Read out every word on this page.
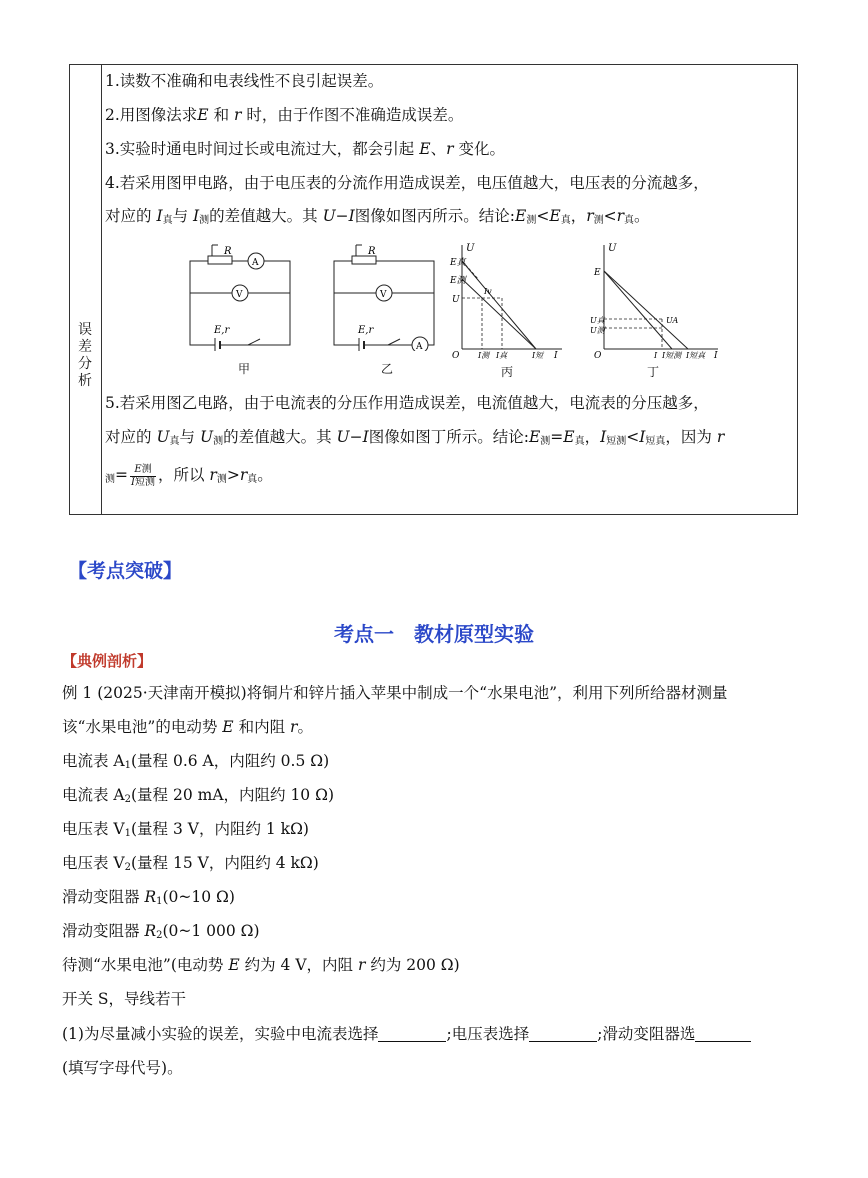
误
差
分
析
1.读数不准确和电表线性不良引起误差。
2.用图像法求E 和 r 时，由于作图不准确造成误差。
3.实验时通电时间过长或电流过大，都会引起 E、r 变化。
4.若采用图甲电路，由于电压表的分流作用造成误差，电压值越大，电压表的分流越多，
对应的 $I_真$与 $I_测$的差值越大。其 U−I图像如图丙所示。结论$:E_测<E_真$，$r_测<r_真$。
R
A
V
E,r
甲
R
V
A
E,r
乙
U
E真
E测
U
Iv
O I测 I真	I短 I
丙
U
E
U真
U测
UA
O	I I短测 I短真 I
丁
5.若采用图乙电路，由于电流表的分压作用造成误差，电流值越大，电流表的分压越多，
对应的 $U_真$与 $U_测$的差值越大。其 U−I图像如图丁所示。结论$:E_测=E_真$，$I_{短测}<I_{短真}$，因为 r
$_测= \frac{\text{E测}}{\text{I短测}}$ ，所以 $r_测>r_真$。
【考点突破】
考点一　教材原型实验
【典例剖析】
例 1 (2025·天津南开模拟)将铜片和锌片插入苹果中制成一个“水果电池”，利用下列所给器材测量
该“水果电池”的电动势 E 和内阻 r。
电流表 $A_1$(量程 0.6 A，内阻约 0.5 Ω)
电流表 $A_2$(量程 20 mA，内阻约 10 Ω)
电压表 $V_1$(量程 3 V，内阻约 1 kΩ)
电压表 $V_2$(量程 15 V，内阻约 4 kΩ)
滑动变阻器 $R_1(0\sim 10$ Ω)
滑动变阻器 $R_2(0\sim 1$ 000 Ω)
待测“水果电池”(电动势 E 约为 4 V，内阻 r 约为 200 Ω)
开关 S，导线若干
(1)为尽量减小实验的误差，实验中电流表选择	;电压表选择	;滑动变阻器选
(填写字母代号)。
